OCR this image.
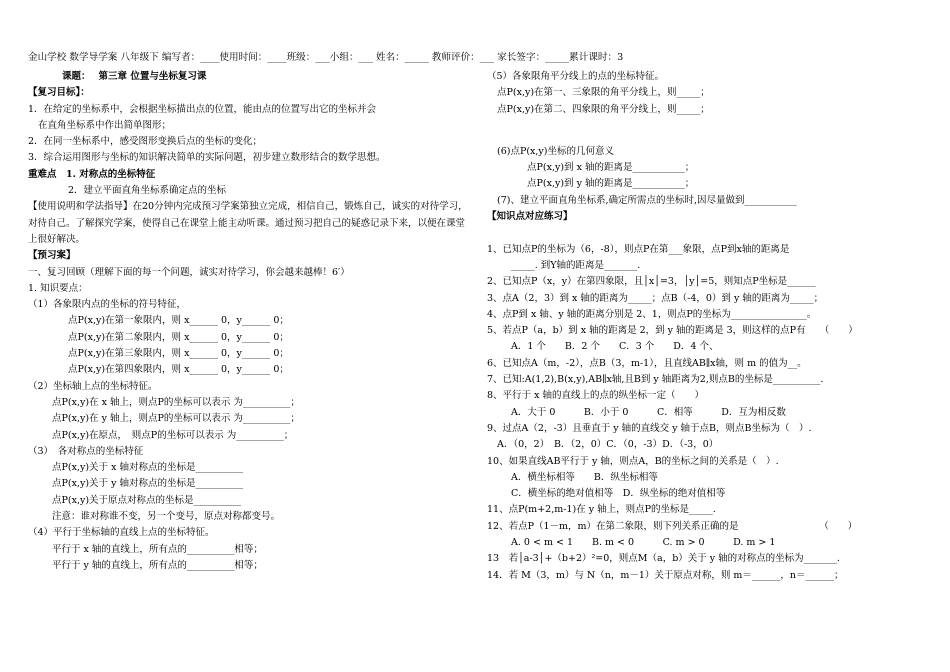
金山学校 数学导学案 八年级下 编写者：____使用时间：____班级：___小组：___ 姓名：_____ 教师评价：___ 家长签字：_____累计课时：3
课题：　 第三章 位置与坐标复习课
【复习目标】：
1．在给定的坐标系中，会根据坐标描出点的位置，能由点的位置写出它的坐标并会
在直角坐标系中作出简单图形；
2．在同一坐标系中，感受图形变换后点的坐标的变化；
3．综合运用图形与坐标的知识解决简单的实际问题，初步建立数形结合的数学思想。
重难点　1. 对称点的坐标特征
2．建立平面直角坐标系确定点的坐标
【使用说明和学法指导】在20分钟内完成预习学案第独立完成，相信自己，锻炼自己，诚实的对待学习，对待自己。了解探究学案，使得自己在课堂上能主动听课。通过预习把自己的疑惑记录下来，以便在课堂上很好解决。
【预习案】
一、复习回顾（理解下面的每一个问题，诚实对待学习，你会越来越棒！6′）
1. 知识要点：
（1）各象限内点的坐标的符号特征，
点P(x,y)在第一象限内，则 x______ 0，y______ 0；
点P(x,y)在第二象限内，则 x______ 0，y______ 0；
点P(x,y)在第三象限内，则 x______ 0，y______ 0；
点P(x,y)在第四象限内，则 x______ 0，y______ 0；
（2）坐标轴上点的坐标特征。
点P(x,y)在 x 轴上，则点P的坐标可以表示 为__________；
点P(x,y)在 y 轴上，则点P的坐标可以表示 为__________；
点P(x,y)在原点，　则点P的坐标可以表示 为__________；
（3）　各对称点的坐标特征
点P(x,y)关于 x 轴对称点的坐标是__________
点P(x,y)关于 y 轴对称点的坐标是__________
点P(x,y)关于原点对称点的坐标是__________
注意：谁对称谁不变，另一个变号，原点对称都变号。
（4）平行于坐标轴的直线上点的坐标特征。
平行于 x 轴的直线上，所有点的__________相等；
平行于 y 轴的直线上，所有点的__________相等；
（5）各象限角平分线上的点的坐标特征。
点P(x,y)在第一、三象限的角平分线上，则_____；
点P(x,y)在第二、四象限的角平分线上，则_____；
(6)点P(x,y)坐标的几何意义
点P(x,y)到 x 轴的距离是___________；
点P(x,y)到 y 轴的距离是___________；
(7)、建立平面直角坐标系,确定所需点的坐标时,因尽量做到___________
【知识点对应练习】
1、已知点P的坐标为（6，-8），则点P在第___象限，点P到x轴的距离是
_____. 到Y轴的距离是_______.
2、已知点P（x，y）在第四象限，且│x│=3，│y│=5，则知点P坐标是______
3、点A（2，3）到 x 轴的距离为_____；点B（-4，0）到 y 轴的距离为_____；
4、点P到 x 轴、y 轴的距离分别是 2、1，则点P的坐标为________________。
5、若点P（a，b）到 x 轴的距离是 2，到 y 轴的距离是 3，则这样的点P有　　（　　）
A．1 个　　B．2 个　　C．3 个　　D．4 个、
6、已知点A（m，-2），点B（3，m-1），且直线AB∥x轴，则 m 的值为__。
7、已知:A(1,2),B(x,y),AB∥x轴,且B到 y 轴距离为2,则点B的坐标是__________.
8、平行于 x 轴的直线上的点的纵坐标一定（　　）
A．大于 0　　　B．小于 0　　　C．相等　　　D．互为相反数
9、过点A（2，-3）且垂直于 y 轴的直线交 y 轴于点B，则点B坐标为（　）.
A．（0，2）　B．（2，0）C．（0，-3）D．（-3，0）
10、如果直线AB平行于 y 轴，则点A，B的坐标之间的关系是（　）.
A．横坐标相等　　B．纵坐标相等
C．横坐标的绝对值相等　D．纵坐标的绝对值相等
11、点P(m+2,m-1)在 y 轴上，则点P的坐标是_____.
12、若点P（1－m，m）在第二象限，则下列关系正确的是　　　　　　　　　（　　）
A. 0 < m < 1　　B. m < 0　　　C. m > 0　　　D. m > 1
13　若│a-3│+（b+2）²=0，则点M（a，b）关于 y 轴的对称点的坐标为_______.
14．若 M（3，m）与 N（n，m－1）关于原点对称，则 m＝______，n＝______；
